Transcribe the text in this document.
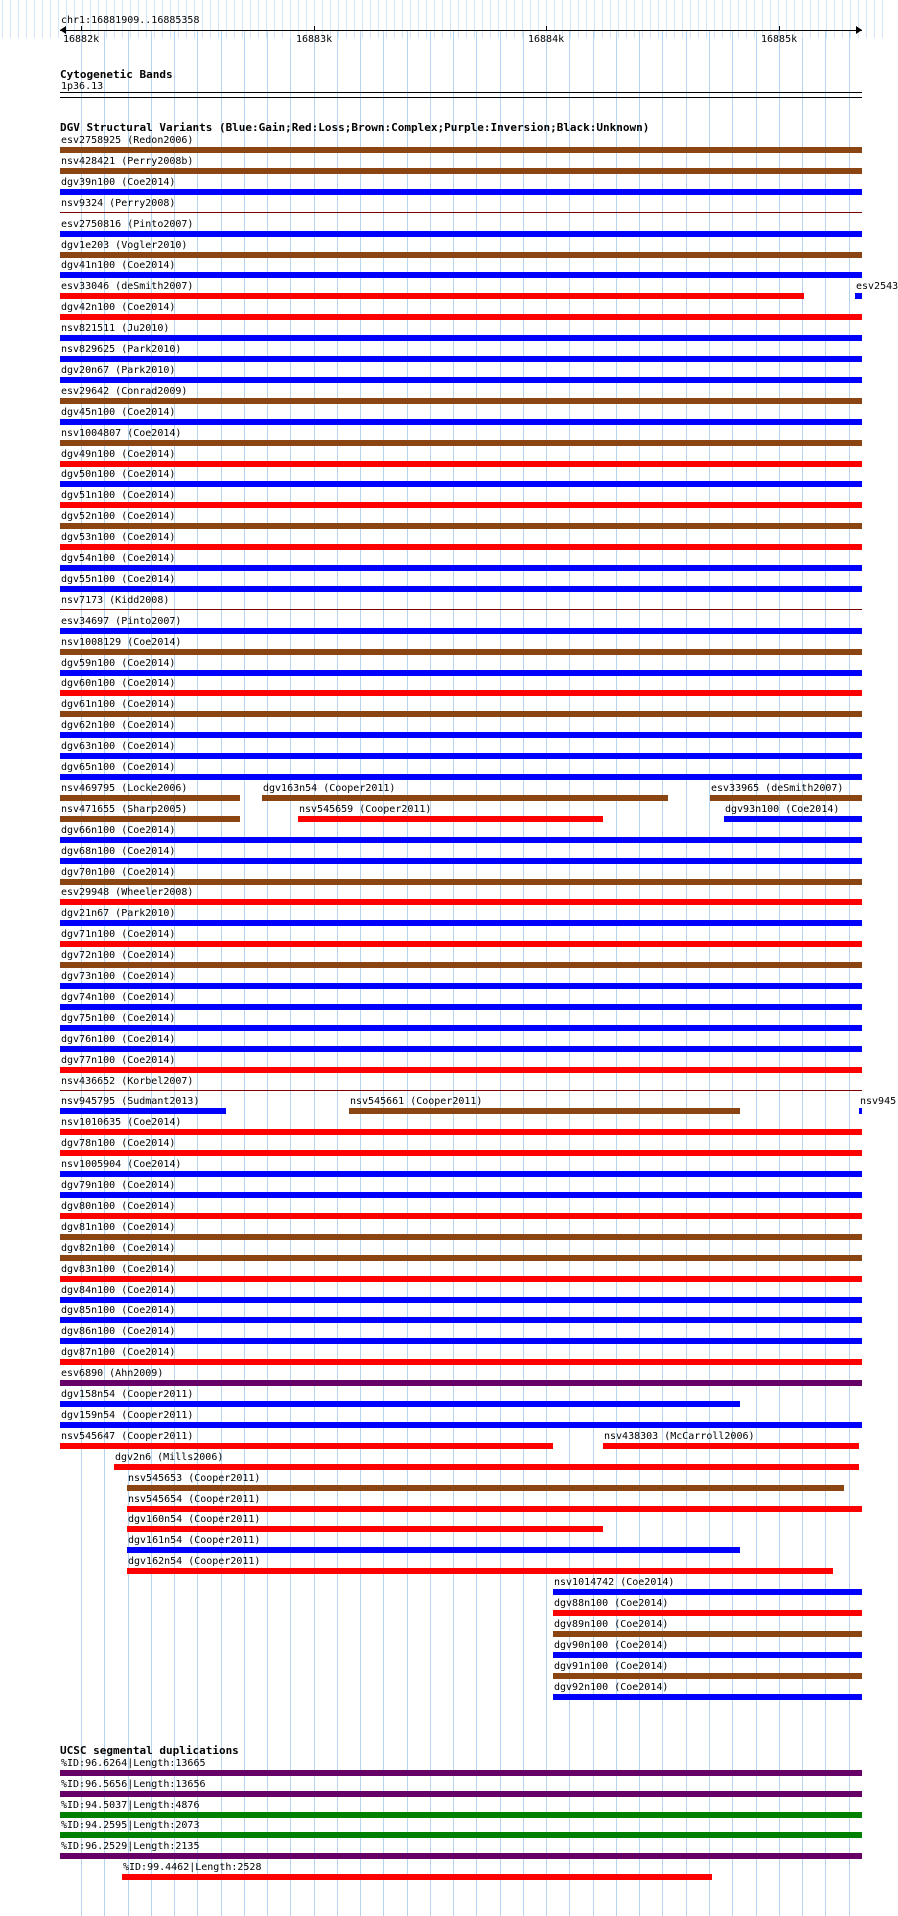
chr1:16881909..16885358
16882k	16883k	16884k	16885k
Cytogenetic Bands
1p36.13
DGV Structural Variants (Blue:Gain;Red:Loss;Brown:Complex;Purple:Inversion;Black:Unknown)
esv2758925 (Redon2006)
nsv428421 (Perry2008b)
dgv39n100 (Coe2014)
nsv9324 (Perry2008)
esv2750816 (Pinto2007)
dgv1e203 (Vogler2010)
dgv41n100 (Coe2014)
esv33046 (deSmith2007)	esv2543
dgv42n100 (Coe2014)
nsv821511 (Ju2010)
nsv829625 (Park2010)
dgv20n67 (Park2010)
esv29642 (Conrad2009)
dgv45n100 (Coe2014)
nsv1004807 (Coe2014)
dgv49n100 (Coe2014)
dgv50n100 (Coe2014)
dgv51n100 (Coe2014)
dgv52n100 (Coe2014)
dgv53n100 (Coe2014)
dgv54n100 (Coe2014)
dgv55n100 (Coe2014)
nsv7173 (Kidd2008)
esv34697 (Pinto2007)
nsv1008129 (Coe2014)
dgv59n100 (Coe2014)
dgv60n100 (Coe2014)
dgv61n100 (Coe2014)
dgv62n100 (Coe2014)
dgv63n100 (Coe2014)
dgv65n100 (Coe2014)
nsv469795 (Locke2006)	dgv163n54 (Cooper2011)	esv33965 (deSmith2007)
nsv471655 (Sharp2005)	nsv545659 (Cooper2011)	dgv93n100 (Coe2014)
dgv66n100 (Coe2014)
dgv68n100 (Coe2014)
dgv70n100 (Coe2014)
esv29948 (Wheeler2008)
dgv21n67 (Park2010)
dgv71n100 (Coe2014)
dgv72n100 (Coe2014)
dgv73n100 (Coe2014)
dgv74n100 (Coe2014)
dgv75n100 (Coe2014)
dgv76n100 (Coe2014)
dgv77n100 (Coe2014)
nsv436652 (Korbel2007)
nsv945795 (Sudmant2013)	nsv545661 (Cooper2011)	nsv945
nsv1010635 (Coe2014)
dgv78n100 (Coe2014)
nsv1005904 (Coe2014)
dgv79n100 (Coe2014)
dgv80n100 (Coe2014)
dgv81n100 (Coe2014)
dgv82n100 (Coe2014)
dgv83n100 (Coe2014)
dgv84n100 (Coe2014)
dgv85n100 (Coe2014)
dgv86n100 (Coe2014)
dgv87n100 (Coe2014)
esv6890 (Ahn2009)
dgv158n54 (Cooper2011)
dgv159n54 (Cooper2011)
nsv545647 (Cooper2011)	nsv438303 (McCarroll2006)
dgv2n6 (Mills2006)
nsv545653 (Cooper2011)
nsv545654 (Cooper2011)
dgv160n54 (Cooper2011)
dgv161n54 (Cooper2011)
dgv162n54 (Cooper2011)
nsv1014742 (Coe2014)
dgv88n100 (Coe2014)
dgv89n100 (Coe2014)
dgv90n100 (Coe2014)
dgv91n100 (Coe2014)
dgv92n100 (Coe2014)
UCSC segmental duplications
%ID:96.6264|Length:13665
%ID:96.5656|Length:13656
%ID:94.5037|Length:4876
%ID:94.2595|Length:2073
%ID:96.2529|Length:2135
%ID:99.4462|Length:2528
